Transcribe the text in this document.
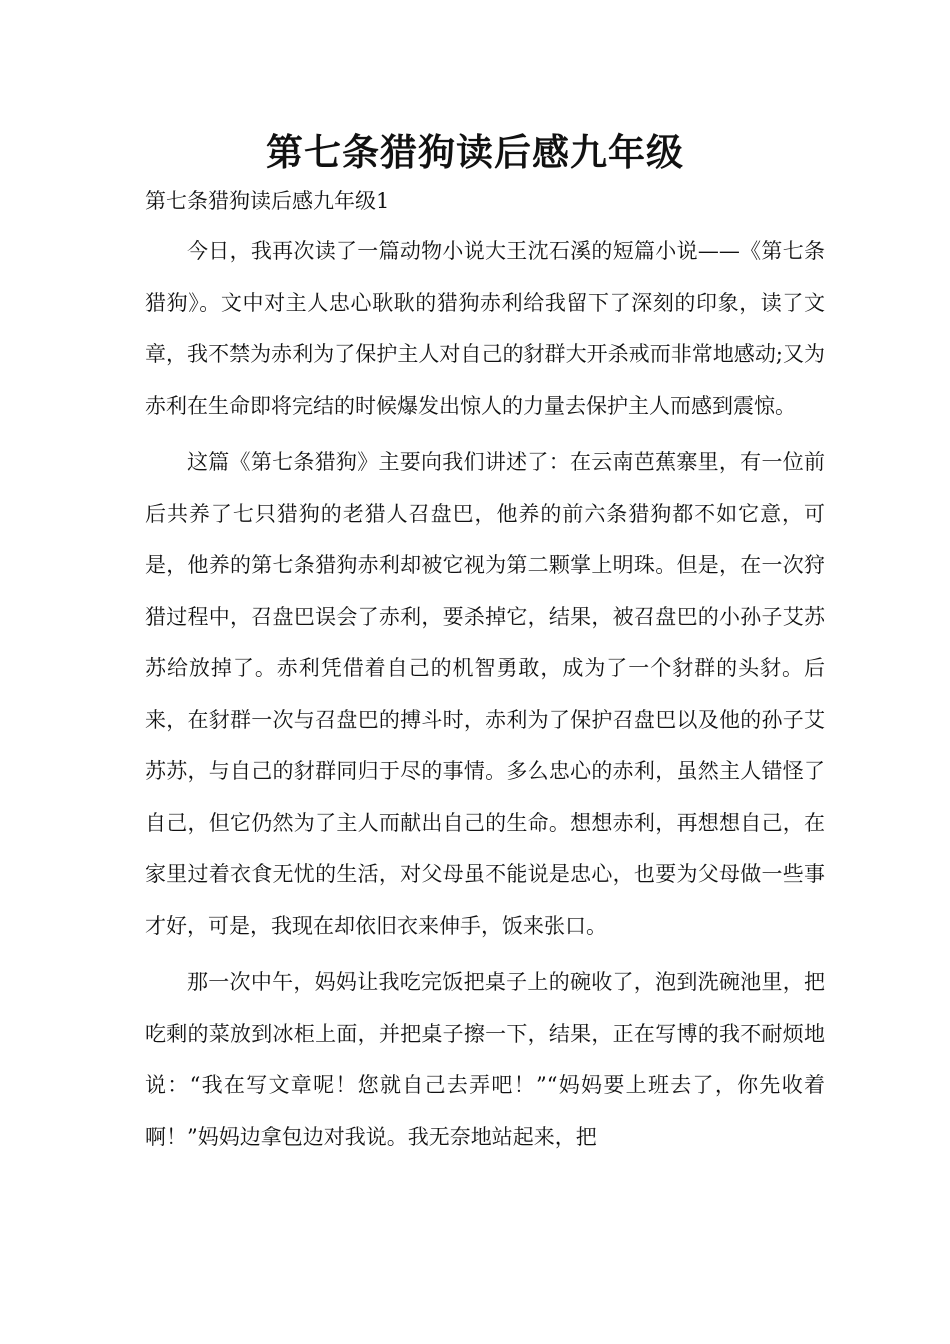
第七条猎狗读后感九年级

第七条猎狗读后感九年级1

今日，我再次读了一篇动物小说大王沈石溪的短篇小说——《第七条猎狗》。文中对主人忠心耿耿的猎狗赤利给我留下了深刻的印象，读了文章，我不禁为赤利为了保护主人对自己的豺群大开杀戒而非常地感动;又为赤利在生命即将完结的时候爆发出惊人的力量去保护主人而感到震惊。

这篇《第七条猎狗》主要向我们讲述了：在云南芭蕉寨里，有一位前后共养了七只猎狗的老猎人召盘巴，他养的前六条猎狗都不如它意，可是，他养的第七条猎狗赤利却被它视为第二颗掌上明珠。但是，在一次狩猎过程中，召盘巴误会了赤利，要杀掉它，结果，被召盘巴的小孙子艾苏苏给放掉了。赤利凭借着自己的机智勇敢，成为了一个豺群的头豺。后来，在豺群一次与召盘巴的搏斗时，赤利为了保护召盘巴以及他的孙子艾苏苏，与自己的豺群同归于尽的事情。多么忠心的赤利，虽然主人错怪了自己，但它仍然为了主人而献出自己的生命。想想赤利，再想想自己，在家里过着衣食无忧的生活，对父母虽不能说是忠心，也要为父母做一些事才好，可是，我现在却依旧衣来伸手，饭来张口。

那一次中午，妈妈让我吃完饭把桌子上的碗收了，泡到洗碗池里，把吃剩的菜放到冰柜上面，并把桌子擦一下，结果，正在写博的我不耐烦地说：“我在写文章呢！您就自己去弄吧！”“妈妈要上班去了，你先收着啊！”妈妈边拿包边对我说。我无奈地站起来，把
